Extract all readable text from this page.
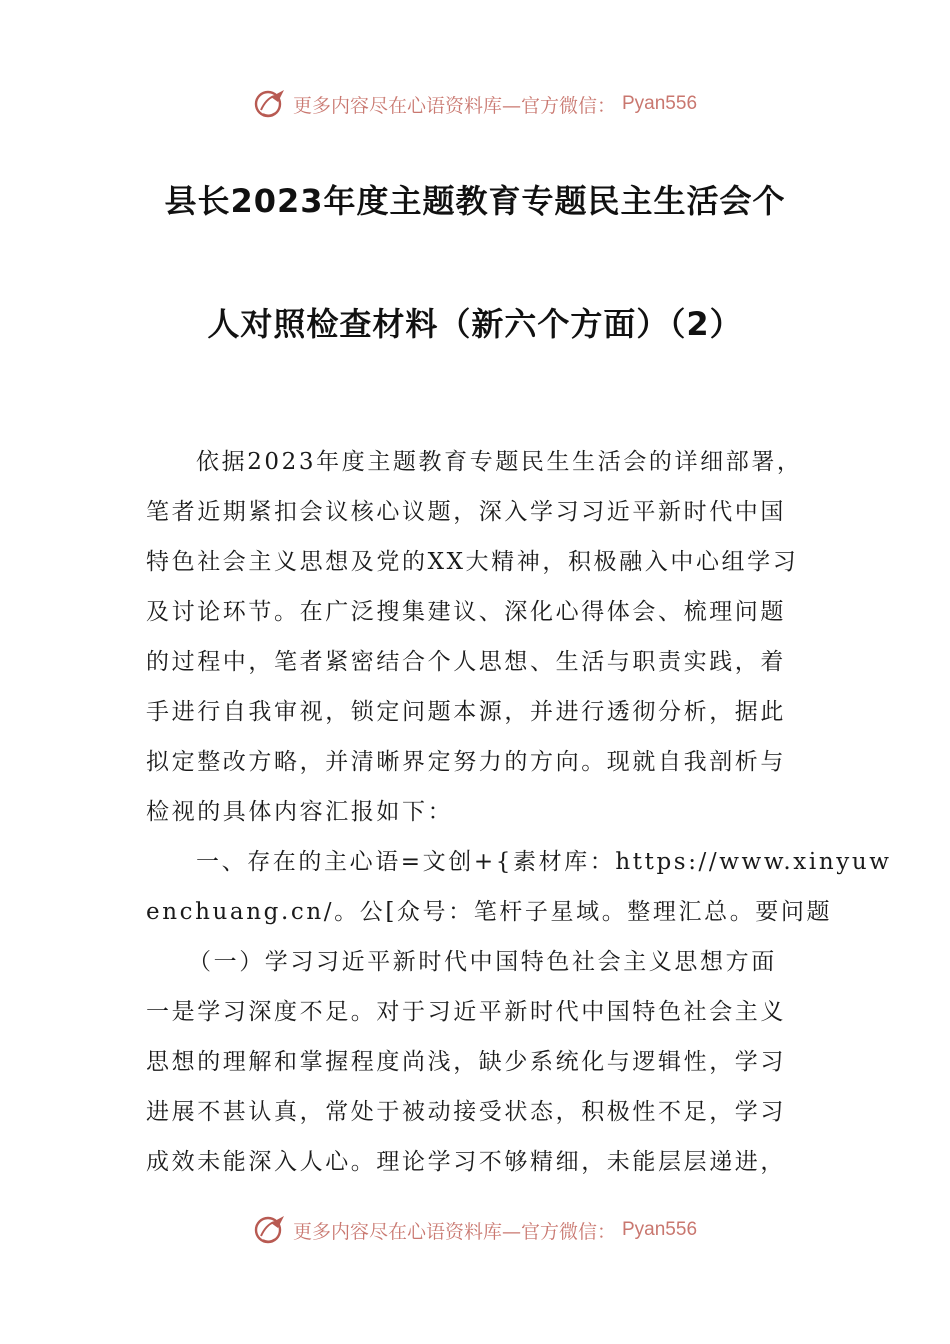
更多内容尽在心语资料库—官方微信： Pyan556
县长2023年度主题教育专题民主生活会个
人对照检查材料（新六个方面）（2）
依据2023年度主题教育专题民生生活会的详细部署，
笔者近期紧扣会议核心议题，深入学习习近平新时代中国
特色社会主义思想及党的XX大精神，积极融入中心组学习
及讨论环节。在广泛搜集建议、深化心得体会、梳理问题
的过程中，笔者紧密结合个人思想、生活与职责实践，着
手进行自我审视，锁定问题本源，并进行透彻分析，据此
拟定整改方略，并清晰界定努力的方向。现就自我剖析与
检视的具体内容汇报如下：
一、存在的主心语=文创+{素材库：https://www.xinyuw
enchuang.cn/。公[众号：笔杆子星域。整理汇总。要问题
（一）学习习近平新时代中国特色社会主义思想方面
一是学习深度不足。对于习近平新时代中国特色社会主义
思想的理解和掌握程度尚浅，缺少系统化与逻辑性，学习
进展不甚认真，常处于被动接受状态，积极性不足，学习
成效未能深入人心。理论学习不够精细，未能层层递进，
更多内容尽在心语资料库—官方微信： Pyan556
